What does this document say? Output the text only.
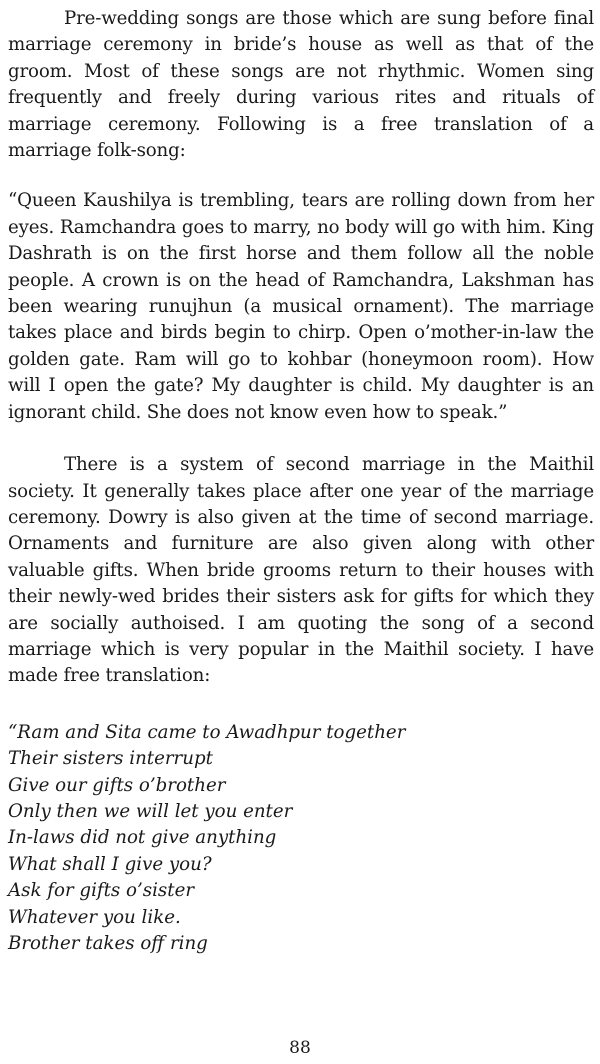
Pre-wedding songs are those which are sung before final marriage ceremony in bride’s house as well as that of the groom. Most of these songs are not rhythmic. Women sing frequently and freely during various rites and rituals of marriage ceremony. Following is a free translation of a marriage folk-song:

“Queen Kaushilya is trembling, tears are rolling down from her eyes. Ramchandra goes to marry, no body will go with him. King Dashrath is on the first horse and them follow all the noble people. A crown is on the head of Ramchandra, Lakshman has been wearing runujhun (a musical ornament). The marriage takes place and birds begin to chirp. Open o’mother-in-law the golden gate. Ram will go to kohbar (honeymoon room). How will I open the gate? My daughter is child. My daughter is an ignorant child. She does not know even how to speak.”

There is a system of second marriage in the Maithil society. It generally takes place after one year of the marriage ceremony. Dowry is also given at the time of second marriage. Ornaments and furniture are also given along with other valuable gifts. When bride grooms return to their houses with their newly-wed brides their sisters ask for gifts for which they are socially authoised. I am quoting the song of a second marriage which is very popular in the Maithil society. I have made free translation:

“Ram and Sita came to Awadhpur together
Their sisters interrupt
Give our gifts o’brother
Only then we will let you enter
In-laws did not give anything
What shall I give you?
Ask for gifts o’sister
Whatever you like.
Brother takes off ring
88
